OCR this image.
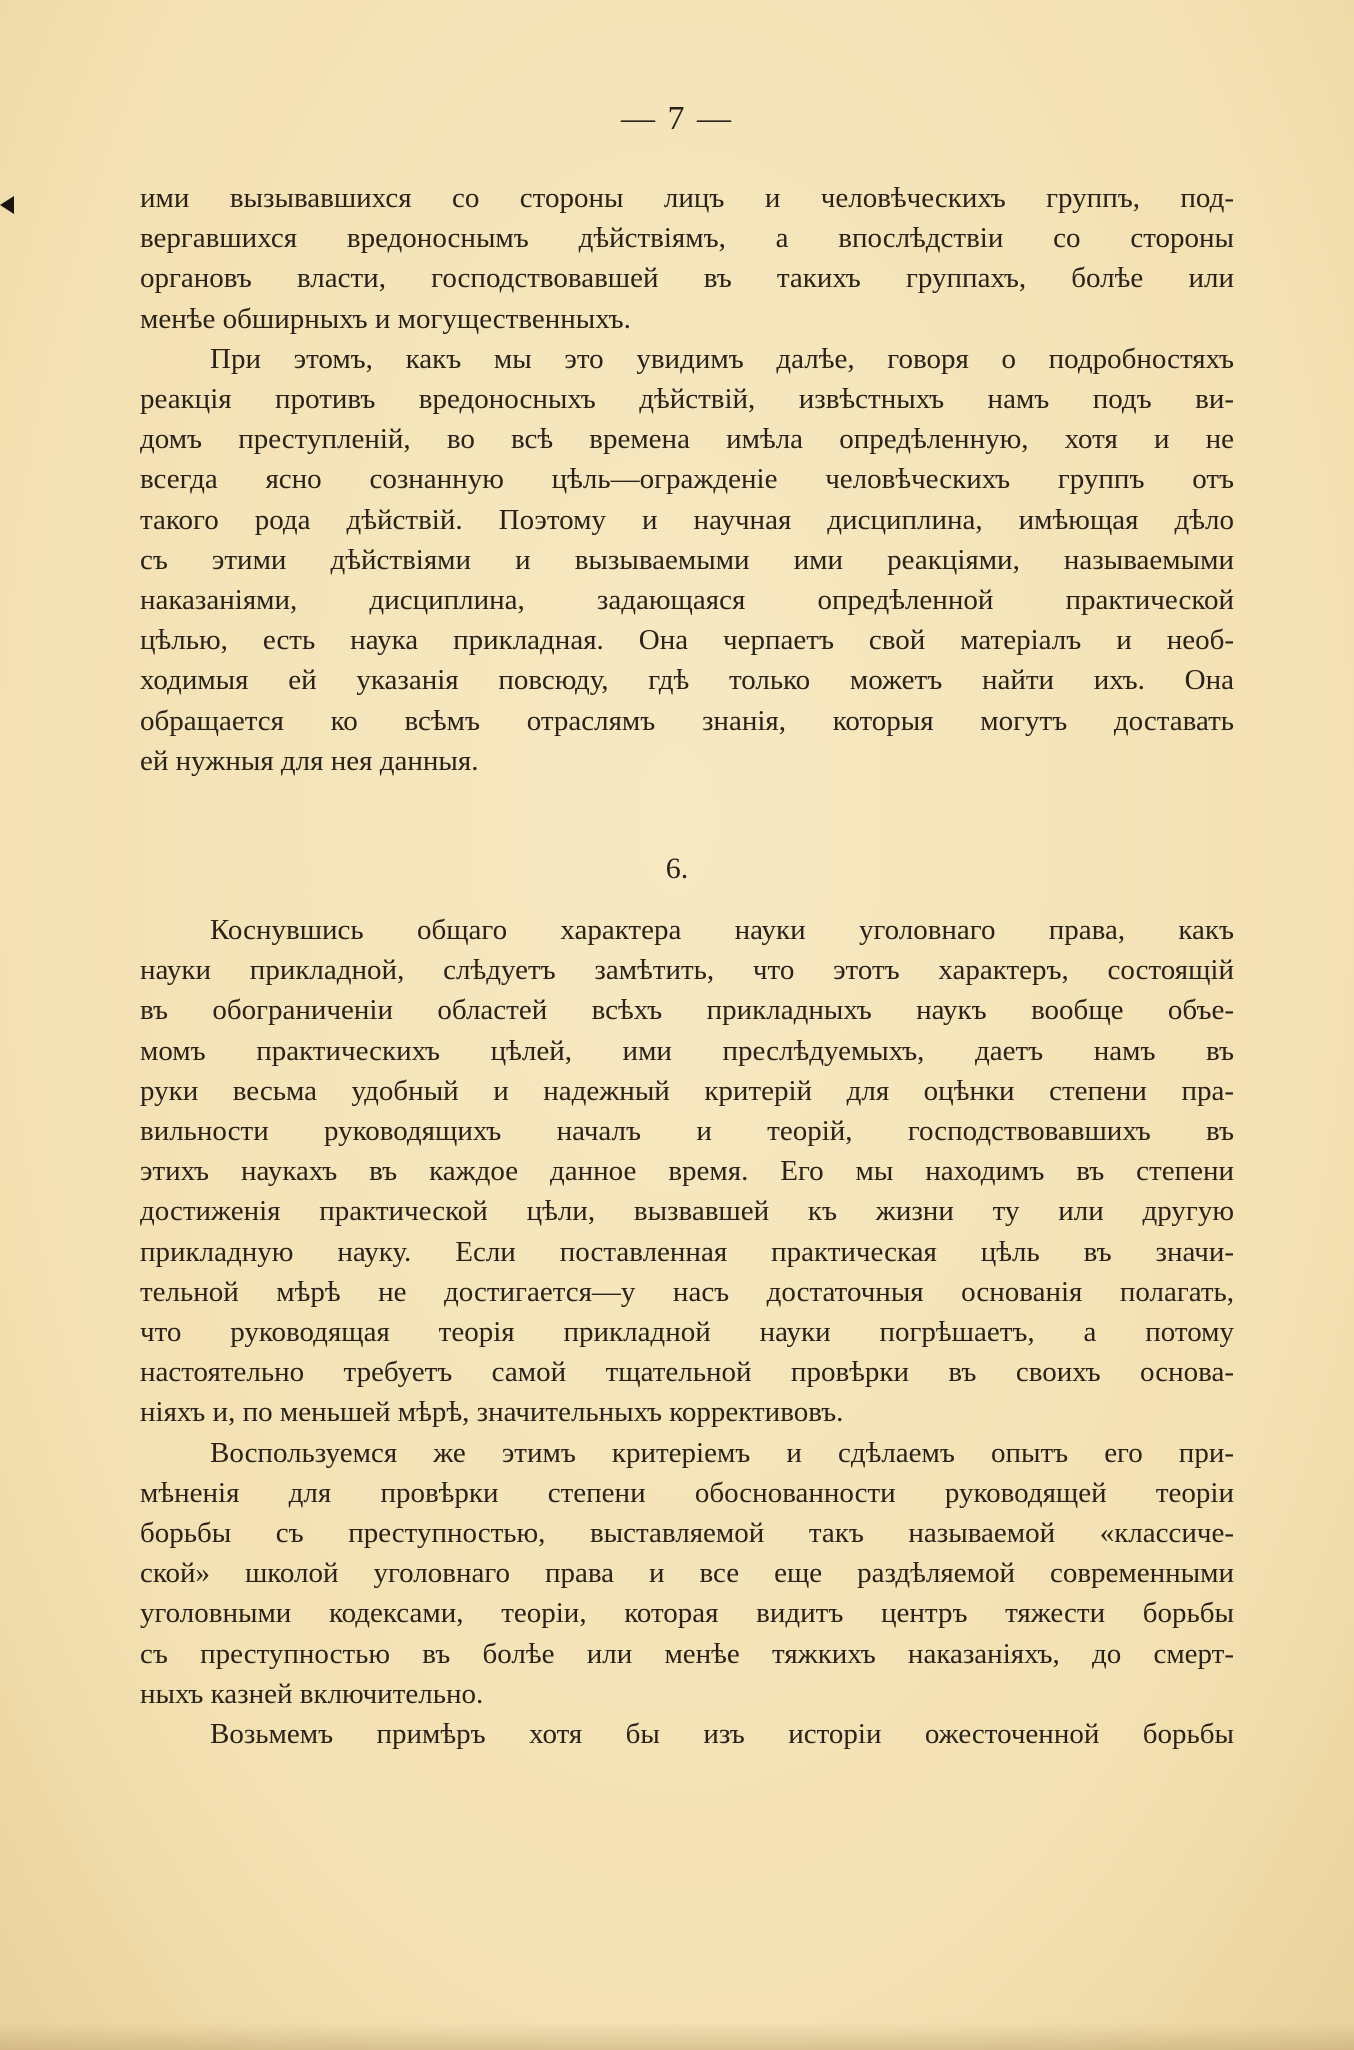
— 7 —
ими вызывавшихся со стороны лицъ и человѣческихъ группъ, под-
вергавшихся вредоноснымъ дѣйствіямъ, а впослѣдствіи со стороны
органовъ власти, господствовавшей въ такихъ группахъ, болѣе или
менѣе обширныхъ и могущественныхъ.
При этомъ, какъ мы это увидимъ далѣе, говоря о подробностяхъ
реакція противъ вредоносныхъ дѣйствій, извѣстныхъ намъ подъ ви-
домъ преступленій, во всѣ времена имѣла опредѣленную, хотя и не
всегда ясно сознанную цѣль—огражденіе человѣческихъ группъ отъ
такого рода дѣйствій. Поэтому и научная дисциплина, имѣющая дѣло
съ этими дѣйствіями и вызываемыми ими реакціями, называемыми
наказаніями, дисциплина, задающаяся опредѣленной практической
цѣлью, есть наука прикладная. Она черпаетъ свой матеріалъ и необ-
ходимыя ей указанія повсюду, гдѣ только можетъ найти ихъ. Она
обращается ко всѣмъ отраслямъ знанія, которыя могутъ доставать
ей нужныя для нея данныя.
6.
Коснувшись общаго характера науки уголовнаго права, какъ
науки прикладной, слѣдуетъ замѣтить, что этотъ характеръ, состоящій
въ обограниченіи областей всѣхъ прикладныхъ наукъ вообще объе-
момъ практическихъ цѣлей, ими преслѣдуемыхъ, даетъ намъ въ
руки весьма удобный и надежный критерій для оцѣнки степени пра-
вильности руководящихъ началъ и теорій, господствовавшихъ въ
этихъ наукахъ въ каждое данное время. Его мы находимъ въ степени
достиженія практической цѣли, вызвавшей къ жизни ту или другую
прикладную науку. Если поставленная практическая цѣль въ значи-
тельной мѣрѣ не достигается—у насъ достаточныя основанія полагать,
что руководящая теорія прикладной науки погрѣшаетъ, а потому
настоятельно требуетъ самой тщательной провѣрки въ своихъ основа-
ніяхъ и, по меньшей мѣрѣ, значительныхъ коррективовъ.
Воспользуемся же этимъ критеріемъ и сдѣлаемъ опытъ его при-
мѣненія для провѣрки степени обоснованности руководящей теоріи
борьбы съ преступностью, выставляемой такъ называемой «классиче-
ской» школой уголовнаго права и все еще раздѣляемой современными
уголовными кодексами, теоріи, которая видитъ центръ тяжести борьбы
съ преступностью въ болѣе или менѣе тяжкихъ наказаніяхъ, до смерт-
ныхъ казней включительно.
Возьмемъ примѣръ хотя бы изъ исторіи ожесточенной борьбы
